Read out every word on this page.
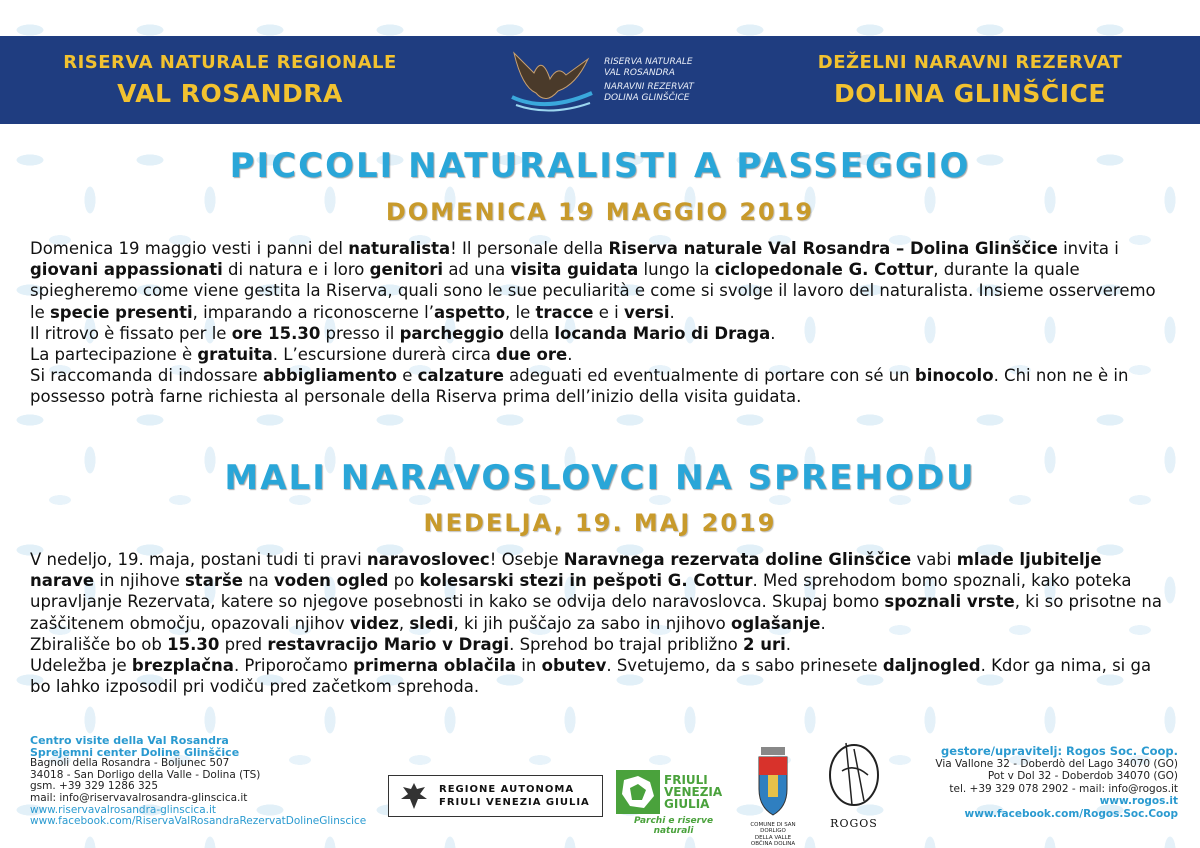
RISERVA NATURALE REGIONALE
VAL ROSANDRA
RISERVA NATURALE
VAL ROSANDRA
NARAVNI REZERVAT
DOLINA GLINŠČICE
DEŽELNI NARAVNI REZERVAT
DOLINA GLINŠČICE
PICCOLI NATURALISTI A PASSEGGIO
DOMENICA 19 MAGGIO 2019

Domenica 19 maggio vesti i panni del naturalista! Il personale della Riserva naturale Val Rosandra – Dolina Glinščice invita i giovani appassionati di natura e i loro genitori ad una visita guidata lungo la ciclopedonale G. Cottur, durante la quale spiegheremo come viene gestita la Riserva, quali sono le sue peculiarità e come si svolge il lavoro del naturalista. Insieme osserveremo le specie presenti, imparando a riconoscerne l’aspetto, le tracce e i versi.

Il ritrovo è fissato per le ore 15.30 presso il parcheggio della locanda Mario di Draga.

La partecipazione è gratuita. L’escursione durerà circa due ore.

Si raccomanda di indossare abbigliamento e calzature adeguati ed eventualmente di portare con sé un binocolo. Chi non ne è in possesso potrà farne richiesta al personale della Riserva prima dell’inizio della visita guidata.

MALI NARAVOSLOVCI NA SPREHODU
NEDELJA, 19. MAJ 2019

V nedeljo, 19. maja, postani tudi ti pravi naravoslovec! Osebje Naravnega rezervata doline Glinščice vabi mlade ljubitelje narave in njihove starše na voden ogled po kolesarski stezi in pešpoti G. Cottur. Med sprehodom bomo spoznali, kako poteka upravljanje Rezervata, katere so njegove posebnosti in kako se odvija delo naravoslovca. Skupaj bomo spoznali vrste, ki so prisotne na zaščitenem območju, opazovali njihov videz, sledi, ki jih puščajo za sabo in njihovo oglašanje.

Zbirališče bo ob 15.30 pred restavracijo Mario v Dragi. Sprehod bo trajal približno 2 uri.

Udeležba je brezplačna. Priporočamo primerna oblačila in obutev. Svetujemo, da s sabo prinesete daljnogled. Kdor ga nima, si ga bo lahko izposodil pri vodiču pred začetkom sprehoda.

Centro visite della Val Rosandra
Sprejemni center Doline Glinščice
Bagnoli della Rosandra - Boljunec 507
34018 - San Dorligo della Valle - Dolina (TS)
gsm. +39 329 1286 325
mail: info@riservavalrosandra-glinscica.it
www.riservavalrosandra-glinscica.it
www.facebook.com/RiservaValRosandraRezervatDolineGlinscice
REGIONE AUTONOMA
FRIULI VENEZIA GIULIA
FRIULI
VENEZIA
GIULIA
Parchi e riserve naturali
COMUNE DI SAN DORLIGO
DELLA VALLE
OBČINA DOLINA
ROGOS
gestore/upravitelj: Rogos Soc. Coop.
Via Vallone 32 - Doberdò del Lago 34070 (GO)
Pot v Dol 32 - Doberdob 34070 (GO)
tel. +39 329 078 2902 - mail: info@rogos.it
www.rogos.it
www.facebook.com/Rogos.Soc.Coop
